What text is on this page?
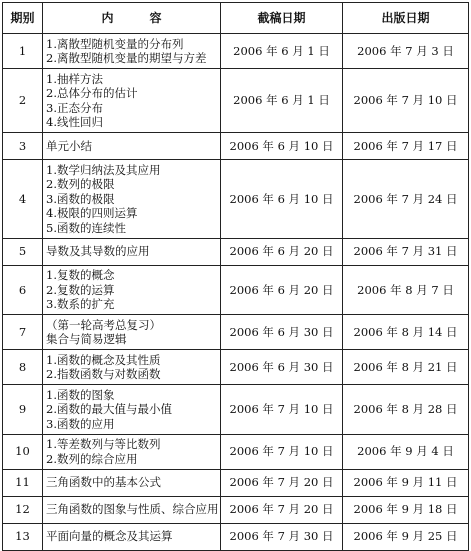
期别	内容	截稿日期	出版日期
1	1.离散型随机变量的分布列
2.离散型随机变量的期望与方差	2006 年 6 月 1 日	2006 年 7 月 3 日
2	1.抽样方法
2.总体分布的估计
3.正态分布
4.线性回归	2006 年 6 月 1 日	2006 年 7 月 10 日
3	单元小结	2006 年 6 月 10 日	2006 年 7 月 17 日
4	1.数学归纳法及其应用
2.数列的极限
3.函数的极限
4.极限的四则运算
5.函数的连续性	2006 年 6 月 10 日	2006 年 7 月 24 日
5	导数及其导数的应用	2006 年 6 月 20 日	2006 年 7 月 31 日
6	1.复数的概念
2.复数的运算
3.数系的扩充	2006 年 6 月 20 日	2006 年 8 月 7 日
7	（第一轮高考总复习）
集合与简易逻辑	2006 年 6 月 30 日	2006 年 8 月 14 日
8	1.函数的概念及其性质
2.指数函数与对数函数	2006 年 6 月 30 日	2006 年 8 月 21 日
9	1.函数的图象
2.函数的最大值与最小值
3.函数的应用	2006 年 7 月 10 日	2006 年 8 月 28 日
10	1.等差数列与等比数列
2.数列的综合应用	2006 年 7 月 10 日	2006 年 9 月 4 日
11	三角函数中的基本公式	2006 年 7 月 20 日	2006 年 9 月 11 日
12	三角函数的图象与性质、综合应用	2006 年 7 月 20 日	2006 年 9 月 18 日
13	平面向量的概念及其运算	2006 年 7 月 30 日	2006 年 9 月 25 日
